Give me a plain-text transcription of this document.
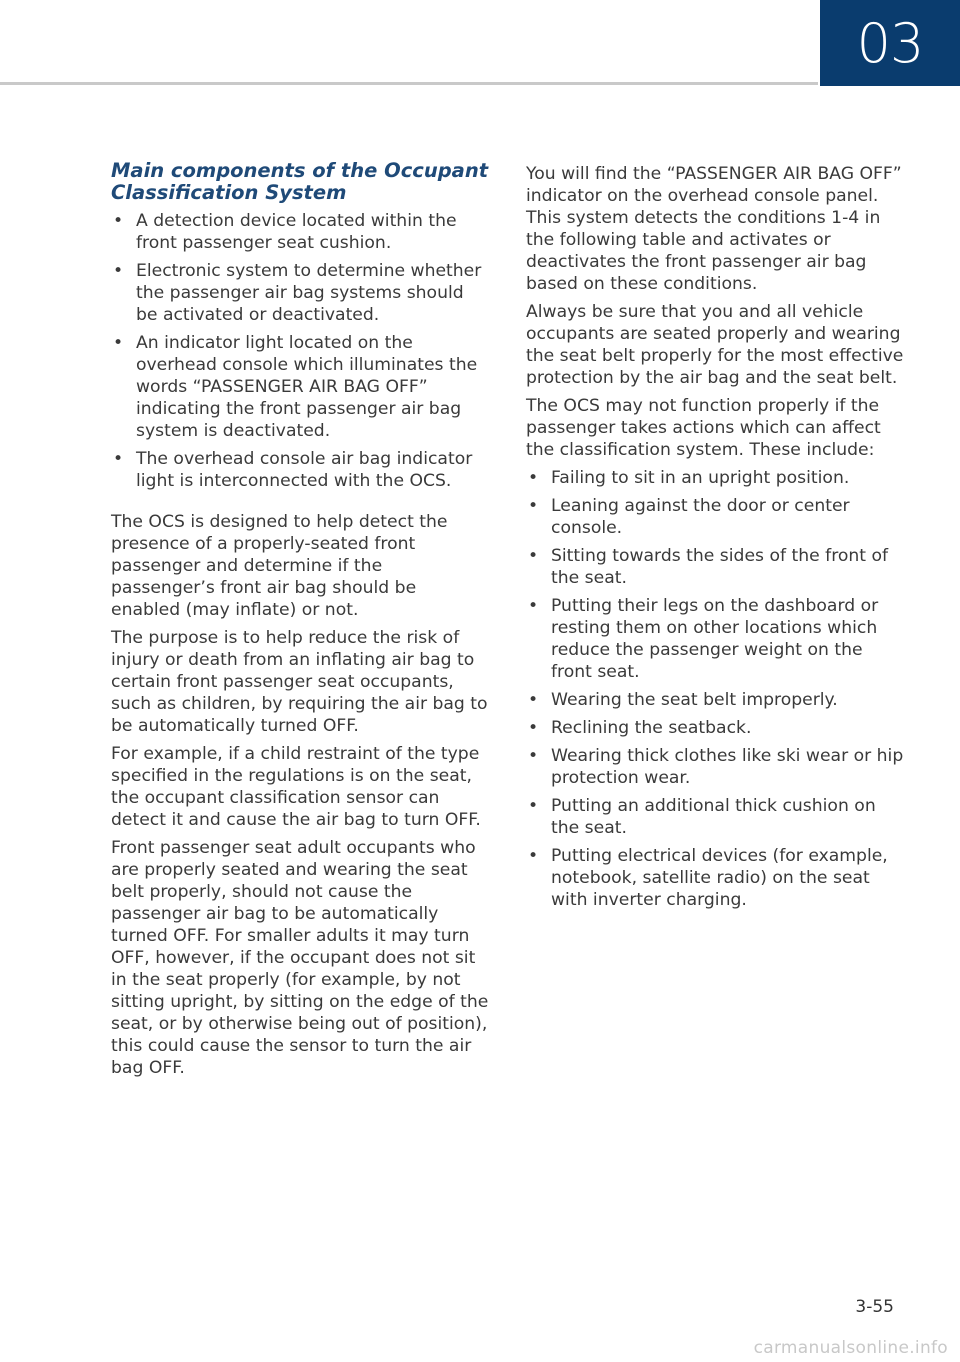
03
Main components of the Occupant
Classification System
• A detection device located within the front passenger seat cushion.
• Electronic system to determine whether the passenger air bag systems should be activated or deactivated.
• An indicator light located on the overhead console which illuminates the words “PASSENGER AIR BAG OFF” indicating the front passenger air bag system is deactivated.
• The overhead console air bag indicator light is interconnected with the OCS.

The OCS is designed to help detect the presence of a properly-seated front passenger and determine if the passenger’s front air bag should be enabled (may inflate) or not.

The purpose is to help reduce the risk of injury or death from an inflating air bag to certain front passenger seat occupants, such as children, by requiring the air bag to be automatically turned OFF.

For example, if a child restraint of the type specified in the regulations is on the seat, the occupant classification sensor can detect it and cause the air bag to turn OFF.

Front passenger seat adult occupants who are properly seated and wearing the seat belt properly, should not cause the passenger air bag to be automatically turned OFF. For smaller adults it may turn OFF, however, if the occupant does not sit in the seat properly (for example, by not sitting upright, by sitting on the edge of the seat, or by otherwise being out of position), this could cause the sensor to turn the air bag OFF.

You will find the “PASSENGER AIR BAG OFF” indicator on the overhead console panel. This system detects the conditions 1-4 in the following table and activates or deactivates the front passenger air bag based on these conditions.

Always be sure that you and all vehicle occupants are seated properly and wearing the seat belt properly for the most effective protection by the air bag and the seat belt.

The OCS may not function properly if the passenger takes actions which can affect the classification system. These include:

• Failing to sit in an upright position.
• Leaning against the door or center console.
• Sitting towards the sides of the front of the seat.
• Putting their legs on the dashboard or resting them on other locations which reduce the passenger weight on the front seat.
• Wearing the seat belt improperly.
• Reclining the seatback.
• Wearing thick clothes like ski wear or hip protection wear.
• Putting an additional thick cushion on the seat.
• Putting electrical devices (for example, notebook, satellite radio) on the seat with inverter charging.
3-55
carmanualsonline.info
